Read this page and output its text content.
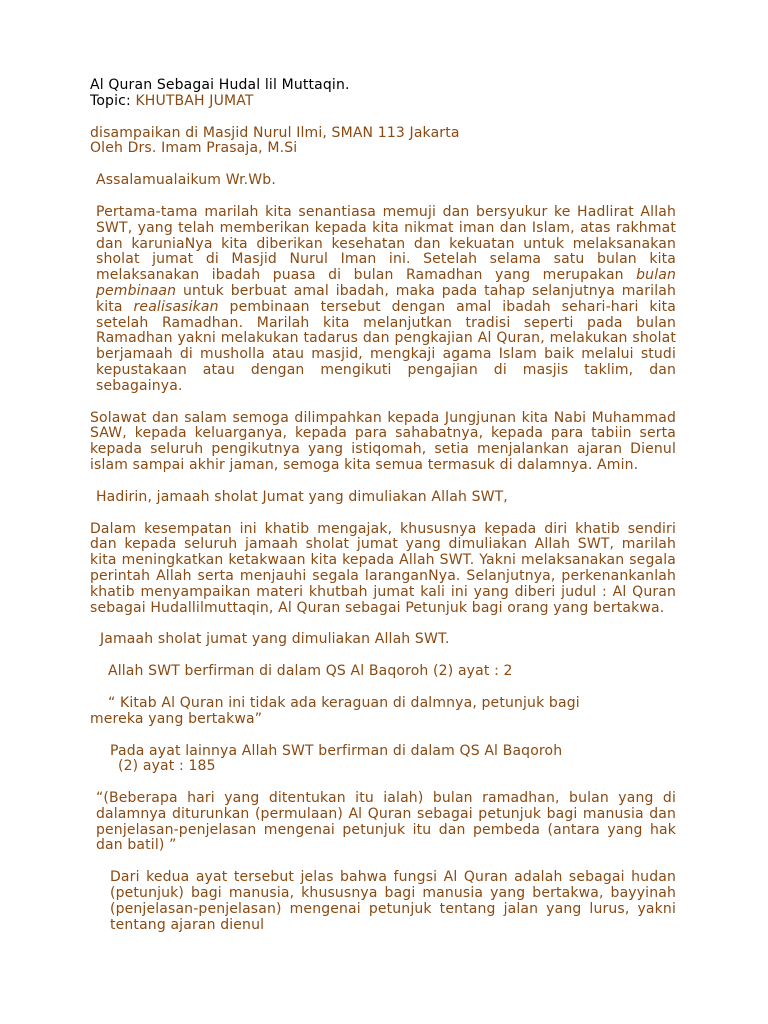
Al Quran Sebagai Hudal lil Muttaqin.

Topic: KHUTBAH JUMAT

disampaikan di Masjid Nurul Ilmi, SMAN 113 Jakarta

Oleh Drs. Imam Prasaja, M.Si

Assalamualaikum Wr.Wb.

Pertama-tama marilah kita senantiasa memuji dan bersyukur ke Hadlirat Allah SWT, yang telah memberikan kepada kita nikmat iman dan Islam, atas rakhmat dan karuniaNya kita diberikan kesehatan dan kekuatan untuk melaksanakan sholat jumat di Masjid Nurul Iman ini. Setelah selama satu bulan kita melaksanakan ibadah puasa di bulan Ramadhan yang merupakan bulan pembinaan untuk berbuat amal ibadah, maka pada tahap selanjutnya marilah kita realisasikan pembinaan tersebut dengan amal ibadah sehari-hari kita setelah Ramadhan. Marilah kita melanjutkan tradisi seperti pada bulan Ramadhan yakni melakukan tadarus dan pengkajian Al Quran, melakukan sholat berjamaah di musholla atau masjid, mengkaji agama Islam baik melalui studi kepustakaan atau dengan mengikuti pengajian di masjis taklim, dan sebagainya.

Solawat dan salam semoga dilimpahkan kepada Jungjunan kita Nabi Muhammad SAW, kepada keluarganya, kepada para sahabatnya, kepada para tabiin serta kepada seluruh pengikutnya yang istiqomah, setia menjalankan ajaran Dienul islam sampai akhir jaman, semoga kita semua termasuk di dalamnya. Amin.

Hadirin, jamaah sholat Jumat yang dimuliakan Allah SWT,

Dalam kesempatan ini khatib mengajak, khususnya kepada diri khatib sendiri dan kepada seluruh jamaah sholat jumat yang dimuliakan Allah SWT, marilah kita meningkatkan ketakwaan kita kepada Allah SWT. Yakni melaksanakan segala perintah Allah serta menjauhi segala laranganNya. Selanjutnya, perkenankanlah khatib menyampaikan materi khutbah jumat kali ini yang diberi judul : Al Quran sebagai Hudallilmuttaqin, Al Quran sebagai Petunjuk bagi orang yang bertakwa.

Jamaah sholat jumat yang dimuliakan Allah SWT.

Allah SWT berfirman di dalam QS Al Baqoroh (2) ayat : 2

“ Kitab Al Quran ini tidak ada keraguan di dalmnya, petunjuk bagi
mereka yang bertakwa”

Pada ayat lainnya Allah SWT berfirman di dalam QS Al Baqoroh
(2) ayat : 185

“(Beberapa hari yang ditentukan itu ialah) bulan ramadhan, bulan yang di dalamnya diturunkan (permulaan) Al Quran sebagai petunjuk bagi manusia dan penjelasan-penjelasan mengenai petunjuk itu dan pembeda (antara yang hak dan batil) ”

Dari kedua ayat tersebut jelas bahwa fungsi Al Quran adalah sebagai hudan (petunjuk) bagi manusia, khususnya bagi manusia yang bertakwa, bayyinah (penjelasan-penjelasan) mengenai petunjuk tentang jalan yang lurus, yakni tentang ajaran dienul
